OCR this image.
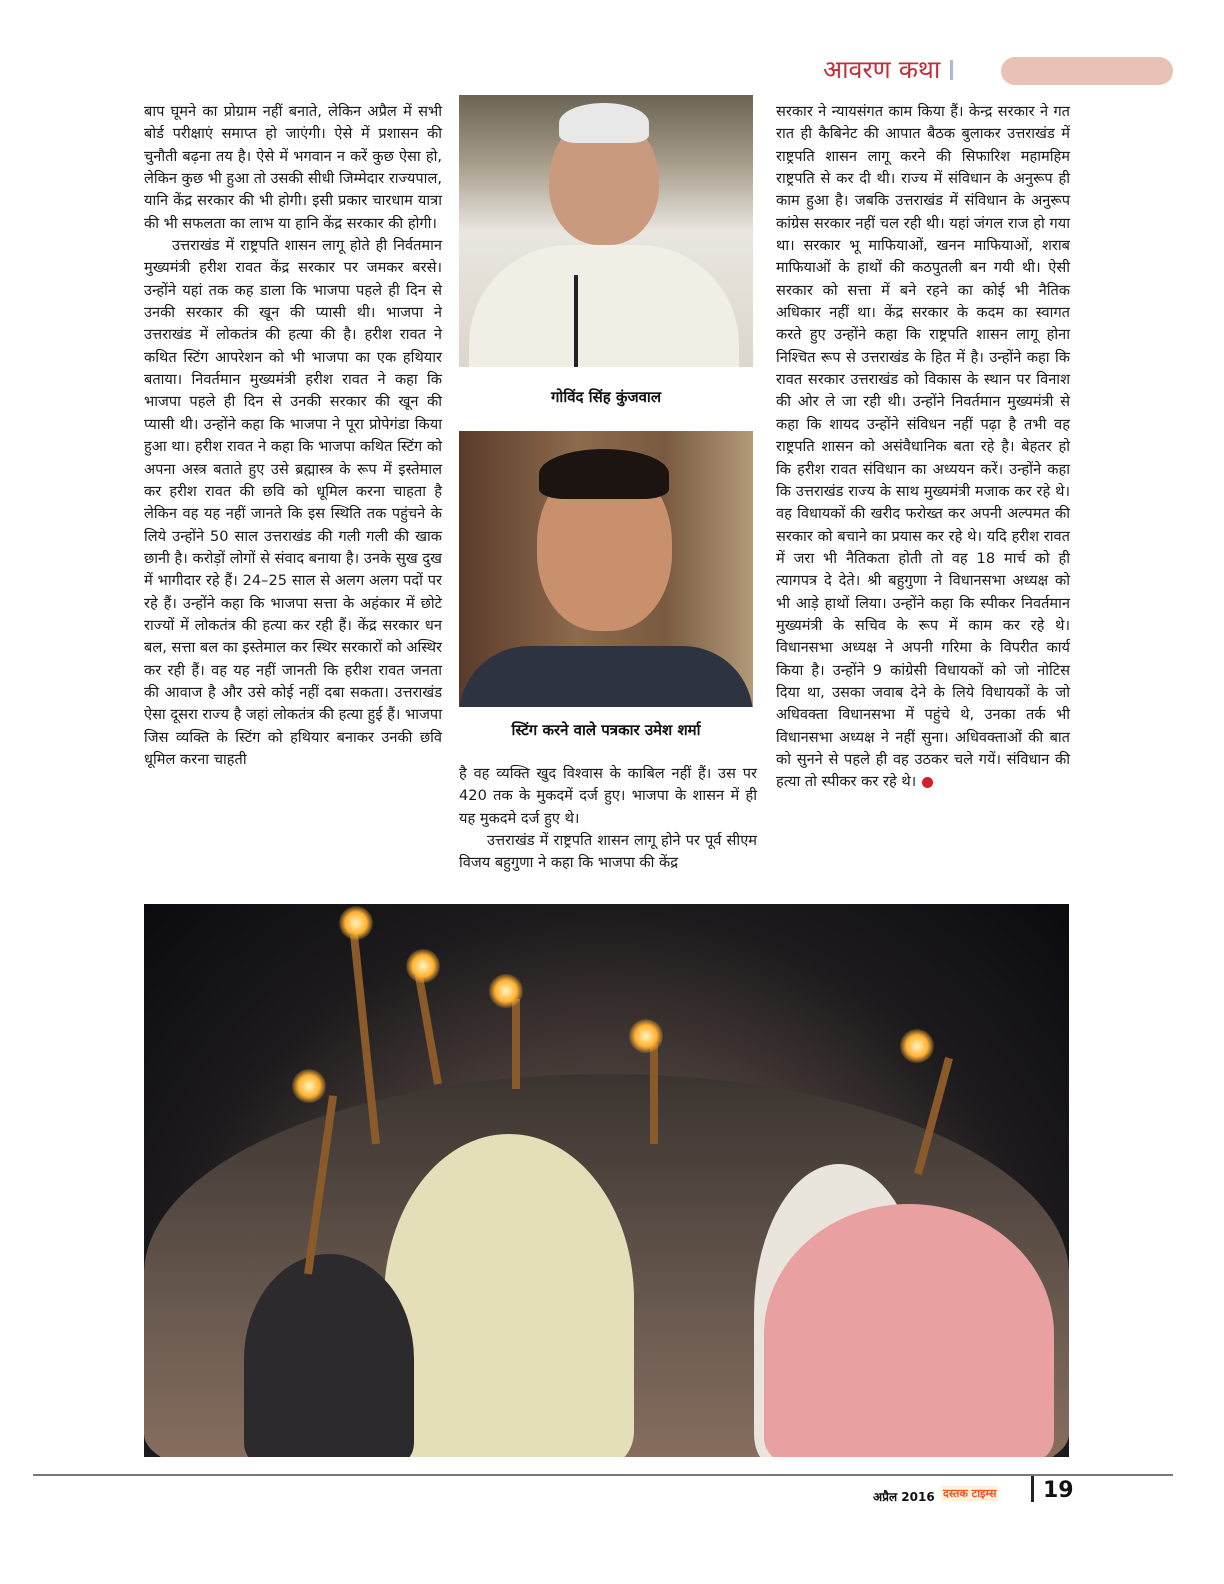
आवरण कथा

बाप घूमने का प्रोग्राम नहीं बनाते, लेकिन अप्रैल में सभी बोर्ड परीक्षाएं समाप्त हो जाएंगी। ऐसे में प्रशासन की चुनौती बढ़ना तय है। ऐसे में भगवान न करें कुछ ऐसा हो, लेकिन कुछ भी हुआ तो उसकी सीधी जिम्मेदार राज्यपाल, यानि केंद्र सरकार की भी होगी। इसी प्रकार चारधाम यात्रा की भी सफलता का लाभ या हानि केंद्र सरकार की होगी।

उत्तराखंड में राष्ट्रपति शासन लागू होते ही निर्वतमान मुख्यमंत्री हरीश रावत केंद्र सरकार पर जमकर बरसे। उन्होंने यहां तक कह डाला कि भाजपा पहले ही दिन से उनकी सरकार की खून की प्यासी थी। भाजपा ने उत्तराखंड में लोकतंत्र की हत्या की है। हरीश रावत ने कथित स्टिंग आपरेशन को भी भाजपा का एक हथियार बताया। निवर्तमान मुख्यमंत्री हरीश रावत ने कहा कि भाजपा पहले ही दिन से उनकी सरकार की खून की प्यासी थी। उन्होंने कहा कि भाजपा ने पूरा प्रोपेगंडा किया हुआ था। हरीश रावत ने कहा कि भाजपा कथित स्टिंग को अपना अस्त्र बताते हुए उसे ब्रह्मास्त्र के रूप में इस्तेमाल कर हरीश रावत की छवि को धूमिल करना चाहता है लेकिन वह यह नहीं जानते कि इस स्थिति तक पहुंचने के लिये उन्होंने 50 साल उत्तराखंड की गली गली की खाक छानी है। करोड़ों लोगों से संवाद बनाया है। उनके सुख दुख में भागीदार रहे हैं। 24–25 साल से अलग अलग पदों पर रहे हैं। उन्होंने कहा कि भाजपा सत्ता के अहंकार में छोटे राज्यों में लोकतंत्र की हत्या कर रही हैं। केंद्र सरकार धन बल, सत्ता बल का इस्तेमाल कर स्थिर सरकारों को अस्थिर कर रही हैं। वह यह नहीं जानती कि हरीश रावत जनता की आवाज है और उसे कोई नहीं दबा सकता। उत्तराखंड ऐसा दूसरा राज्य है जहां लोकतंत्र की हत्या हुई हैं। भाजपा जिस व्यक्ति के स्टिंग को हथियार बनाकर उनकी छवि धूमिल करना चाहती

गोविंद सिंह कुंजवाल
स्टिंग करने वाले पत्रकार उमेश शर्मा

है वह व्यक्ति खुद विश्वास के काबिल नहीं हैं। उस पर 420 तक के मुकदमें दर्ज हुए। भाजपा के शासन में ही यह मुकदमे दर्ज हुए थे।

उत्तराखंड में राष्ट्रपति शासन लागू होने पर पूर्व सीएम विजय बहुगुणा ने कहा कि भाजपा की केंद्र

सरकार ने न्यायसंगत काम किया हैं। केन्द्र सरकार ने गत रात ही कैबिनेट की आपात बैठक बुलाकर उत्तराखंड में राष्ट्रपति शासन लागू करने की सिफारिश महामहिम राष्ट्रपति से कर दी थी। राज्य में संविधान के अनुरूप ही काम हुआ है। जबकि उत्तराखंड में संविधान के अनुरूप कांग्रेस सरकार नहीं चल रही थी। यहां जंगल राज हो गया था। सरकार भू माफियाओं, खनन माफियाओं, शराब माफियाओं के हाथों की कठपुतली बन गयी थी। ऐसी सरकार को सत्ता में बने रहने का कोई भी नैतिक अधिकार नहीं था। केंद्र सरकार के कदम का स्वागत करते हुए उन्होंने कहा कि राष्ट्रपति शासन लागू होना निश्चित रूप से उत्तराखंड के हित में है। उन्होंने कहा कि रावत सरकार उत्तराखंड को विकास के स्थान पर विनाश की ओर ले जा रही थी। उन्होंने निवर्तमान मुख्यमंत्री से कहा कि शायद उन्होंने संविधन नहीं पढ़ा है तभी वह राष्ट्रपति शासन को असंवैधानिक बता रहे है। बेहतर हो कि हरीश रावत संविधान का अध्ययन करें। उन्होंने कहा कि उत्तराखंड राज्य के साथ मुख्यमंत्री मजाक कर रहे थे। वह विधायकों की खरीद फरोख्त कर अपनी अल्पमत की सरकार को बचाने का प्रयास कर रहे थे। यदि हरीश रावत में जरा भी नैतिकता होती तो वह 18 मार्च को ही त्यागपत्र दे देते। श्री बहुगुणा ने विधानसभा अध्यक्ष को भी आड़े हाथों लिया। उन्होंने कहा कि स्पीकर निवर्तमान मुख्यमंत्री के सचिव के रूप में काम कर रहे थे। विधानसभा अध्यक्ष ने अपनी गरिमा के विपरीत कार्य किया है। उन्होंने 9 कांग्रेसी विधायकों को जो नोटिस दिया था, उसका जवाब देने के लिये विधायकों के जो अधिवक्ता विधानसभा में पहुंचे थे, उनका तर्क भी विधानसभा अध्यक्ष ने नहीं सुना। अधिवक्ताओं की बात को सुनने से पहले ही वह उठकर चले गयें। संविधान की हत्या तो स्पीकर कर रहे थे।

अप्रैल 2016 दस्तक टाइम्स 19
